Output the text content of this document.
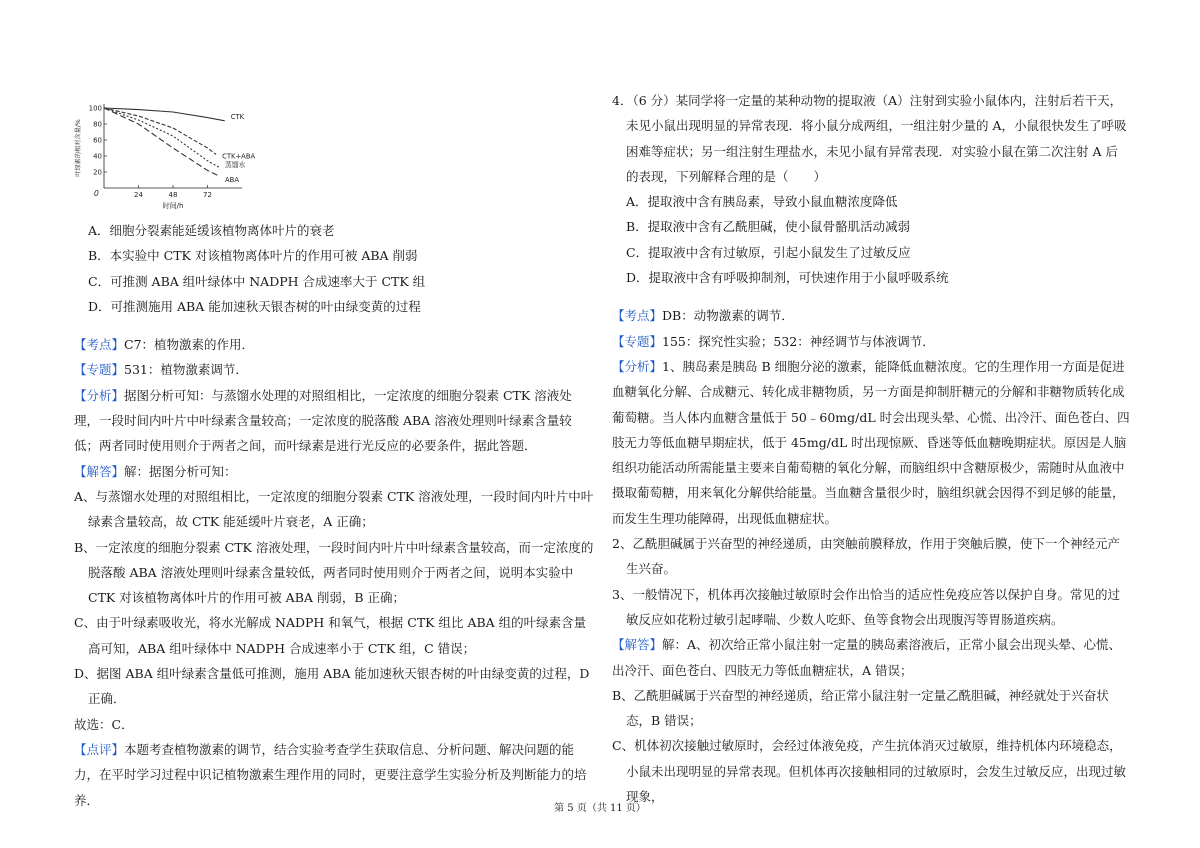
叶绿素的相对含量/%
0
20
40
60
80
100
24	48	72
时间/h
CTK
CTK+ABA
蒸馏水
ABA

A．细胞分裂素能延缓该植物离体叶片的衰老

B．本实验中 CTK 对该植物离体叶片的作用可被 ABA 削弱

C．可推测 ABA 组叶绿体中 NADPH 合成速率大于 CTK 组

D．可推测施用 ABA 能加速秋天银杏树的叶由绿变黄的过程

【考点】C7：植物激素的作用．

【专题】531：植物激素调节．

【分析】据图分析可知：与蒸馏水处理的对照组相比，一定浓度的细胞分裂素 CTK 溶液处理，一段时间内叶片中叶绿素含量较高；一定浓度的脱落酸 ABA 溶液处理则叶绿素含量较低；两者同时使用则介于两者之间，而叶绿素是进行光反应的必要条件，据此答题．

【解答】解：据图分析可知：

A、与蒸馏水处理的对照组相比，一定浓度的细胞分裂素 CTK 溶液处理，一段时间内叶片中叶绿素含量较高，故 CTK 能延缓叶片衰老，A 正确；

B、一定浓度的细胞分裂素 CTK 溶液处理，一段时间内叶片中叶绿素含量较高，而一定浓度的脱落酸 ABA 溶液处理则叶绿素含量较低，两者同时使用则介于两者之间，说明本实验中 CTK 对该植物离体叶片的作用可被 ABA 削弱，B 正确；

C、由于叶绿素吸收光，将水光解成 NADPH 和氧气，根据 CTK 组比 ABA 组的叶绿素含量高可知，ABA 组叶绿体中 NADPH 合成速率小于 CTK 组，C 错误；

D、据图 ABA 组叶绿素含量低可推测，施用 ABA 能加速秋天银杏树的叶由绿变黄的过程，D 正确．

故选：C．

【点评】本题考查植物激素的调节，结合实验考查学生获取信息、分析问题、解决问题的能力，在平时学习过程中识记植物激素生理作用的同时，更要注意学生实验分析及判断能力的培养．

4．（6 分）某同学将一定量的某种动物的提取液（A）注射到实验小鼠体内，注射后若干天，未见小鼠出现明显的异常表现．将小鼠分成两组，一组注射少量的 A，小鼠很快发生了呼吸困难等症状；另一组注射生理盐水，未见小鼠有异常表现．对实验小鼠在第二次注射 A 后的表现，下列解释合理的是（　　）

A．提取液中含有胰岛素，导致小鼠血糖浓度降低

B．提取液中含有乙酰胆碱，使小鼠骨骼肌活动减弱

C．提取液中含有过敏原，引起小鼠发生了过敏反应

D．提取液中含有呼吸抑制剂，可快速作用于小鼠呼吸系统

【考点】DB：动物激素的调节．

【专题】155：探究性实验；532：神经调节与体液调节．

【分析】1、胰岛素是胰岛 B 细胞分泌的激素，能降低血糖浓度。它的生理作用一方面是促进血糖氧化分解、合成糖元、转化成非糖物质，另一方面是抑制肝糖元的分解和非糖物质转化成葡萄糖。当人体内血糖含量低于 50﹣60mg/dL 时会出现头晕、心慌、出冷汗、面色苍白、四肢无力等低血糖早期症状，低于 45mg/dL 时出现惊厥、昏迷等低血糖晚期症状。原因是人脑组织功能活动所需能量主要来自葡萄糖的氧化分解，而脑组织中含糖原极少，需随时从血液中摄取葡萄糖，用来氧化分解供给能量。当血糖含量很少时，脑组织就会因得不到足够的能量，而发生生理功能障碍，出现低血糖症状。

2、乙酰胆碱属于兴奋型的神经递质，由突触前膜释放，作用于突触后膜，使下一个神经元产生兴奋。

3、一般情况下，机体再次接触过敏原时会作出恰当的适应性免疫应答以保护自身。常见的过敏反应如花粉过敏引起哮喘、少数人吃虾、鱼等食物会出现腹泻等胃肠道疾病。

【解答】解：A、初次给正常小鼠注射一定量的胰岛素溶液后，正常小鼠会出现头晕、心慌、出冷汗、面色苍白、四肢无力等低血糖症状，A 错误；

B、乙酰胆碱属于兴奋型的神经递质，给正常小鼠注射一定量乙酰胆碱，神经就处于兴奋状态，B 错误；

C、机体初次接触过敏原时，会经过体液免疫，产生抗体消灭过敏原，维持机体内环境稳态，小鼠未出现明显的异常表现。但机体再次接触相同的过敏原时，会发生过敏反应，出现过敏现象，

第 5 页（共 11 页）
